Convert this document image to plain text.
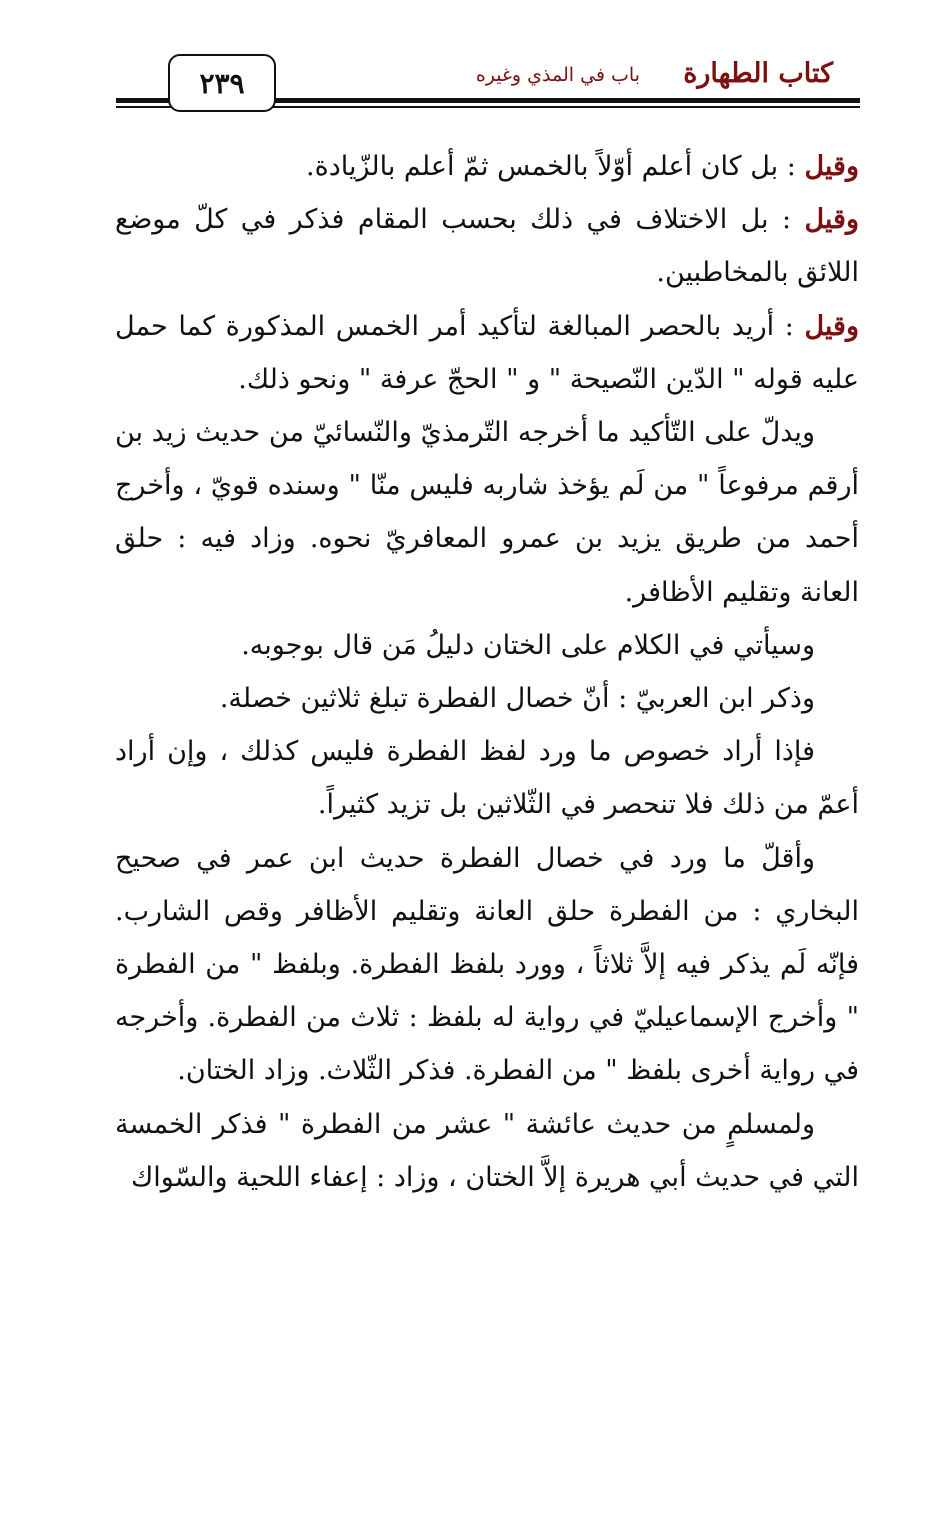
٢٣٩	كتاب الطهارة
باب في المذي وغيره

وقيل : بل كان أعلم أوّلاً بالخمس ثمّ أعلم بالزّيادة.

وقيل : بل الاختلاف في ذلك بحسب المقام فذكر في كلّ موضع اللائق بالمخاطبين.

وقيل : أريد بالحصر المبالغة لتأكيد أمر الخمس المذكورة كما حمل عليه قوله " الدّين النّصيحة " و " الحجّ عرفة " ونحو ذلك.

ويدلّ على التّأكيد ما أخرجه التّرمذيّ والنّسائيّ من حديث زيد بن أرقم مرفوعاً " من لَم يؤخذ شاربه فليس منّا " وسنده قويّ ، وأخرج أحمد من طريق يزيد بن عمرو المعافريّ نحوه. وزاد فيه : حلق العانة وتقليم الأظافر.

وسيأتي في الكلام على الختان دليلُ مَن قال بوجوبه.

وذكر ابن العربيّ : أنّ خصال الفطرة تبلغ ثلاثين خصلة.

فإذا أراد خصوص ما ورد لفظ الفطرة فليس كذلك ، وإن أراد أعمّ من ذلك فلا تنحصر في الثّلاثين بل تزيد كثيراً.

وأقلّ ما ورد في خصال الفطرة حديث ابن عمر في صحيح البخاري : من الفطرة حلق العانة وتقليم الأظافر وقص الشارب. فإنّه لَم يذكر فيه إلاَّ ثلاثاً ، وورد بلفظ الفطرة. وبلفظ " من الفطرة " وأخرج الإسماعيليّ في رواية له بلفظ : ثلاث من الفطرة. وأخرجه في رواية أخرى بلفظ " من الفطرة. فذكر الثّلاث. وزاد الختان.

ولمسلمٍ من حديث عائشة " عشر من الفطرة " فذكر الخمسة التي في حديث أبي هريرة إلاَّ الختان ، وزاد : إعفاء اللحية والسّواك
